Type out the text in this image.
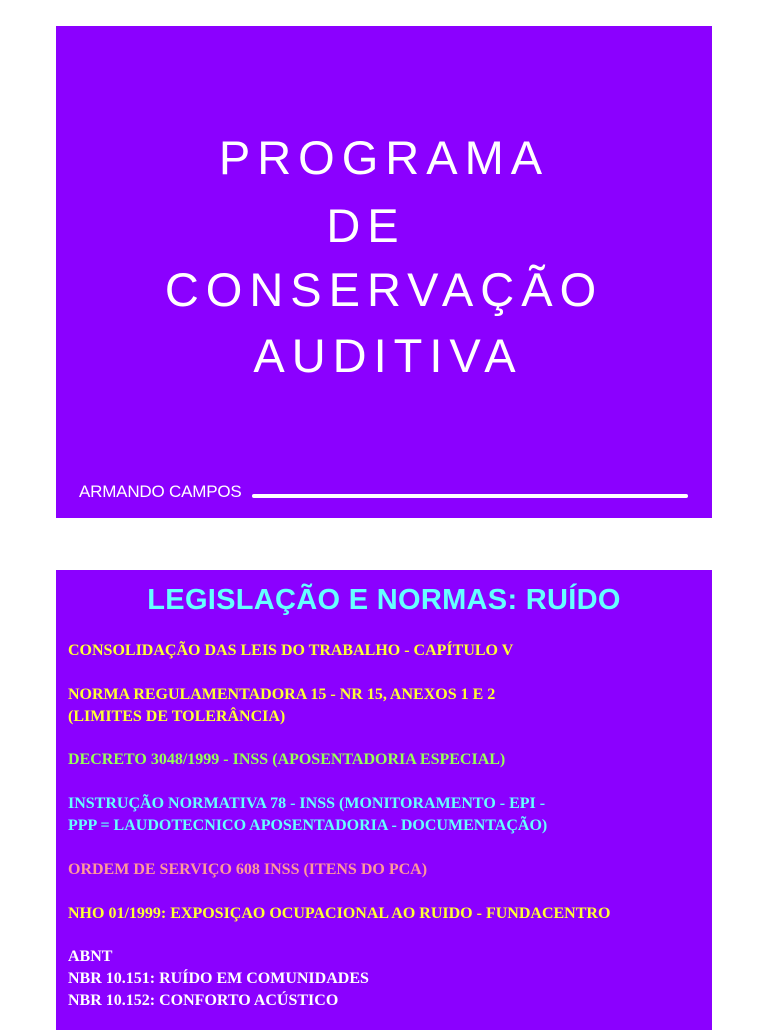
PROGRAMA
DE
CONSERVAÇÃO
AUDITIVA
ARMANDO CAMPOS
LEGISLAÇÃO E NORMAS: RUÍDO
CONSOLIDAÇÃO DAS LEIS DO TRABALHO - CAPÍTULO V
NORMA REGULAMENTADORA 15 - NR 15, ANEXOS 1 E 2
(LIMITES DE TOLERÂNCIA)
DECRETO 3048/1999 - INSS (APOSENTADORIA ESPECIAL)
INSTRUÇÃO NORMATIVA 78 - INSS (MONITORAMENTO - EPI -
PPP = LAUDOTECNICO APOSENTADORIA - DOCUMENTAÇÃO)
ORDEM DE SERVIÇO 608 INSS (ITENS DO PCA)
NHO 01/1999: EXPOSIÇAO OCUPACIONAL AO RUIDO - FUNDACENTRO
ABNT
NBR 10.151: RUÍDO EM COMUNIDADES
NBR 10.152: CONFORTO ACÚSTICO
